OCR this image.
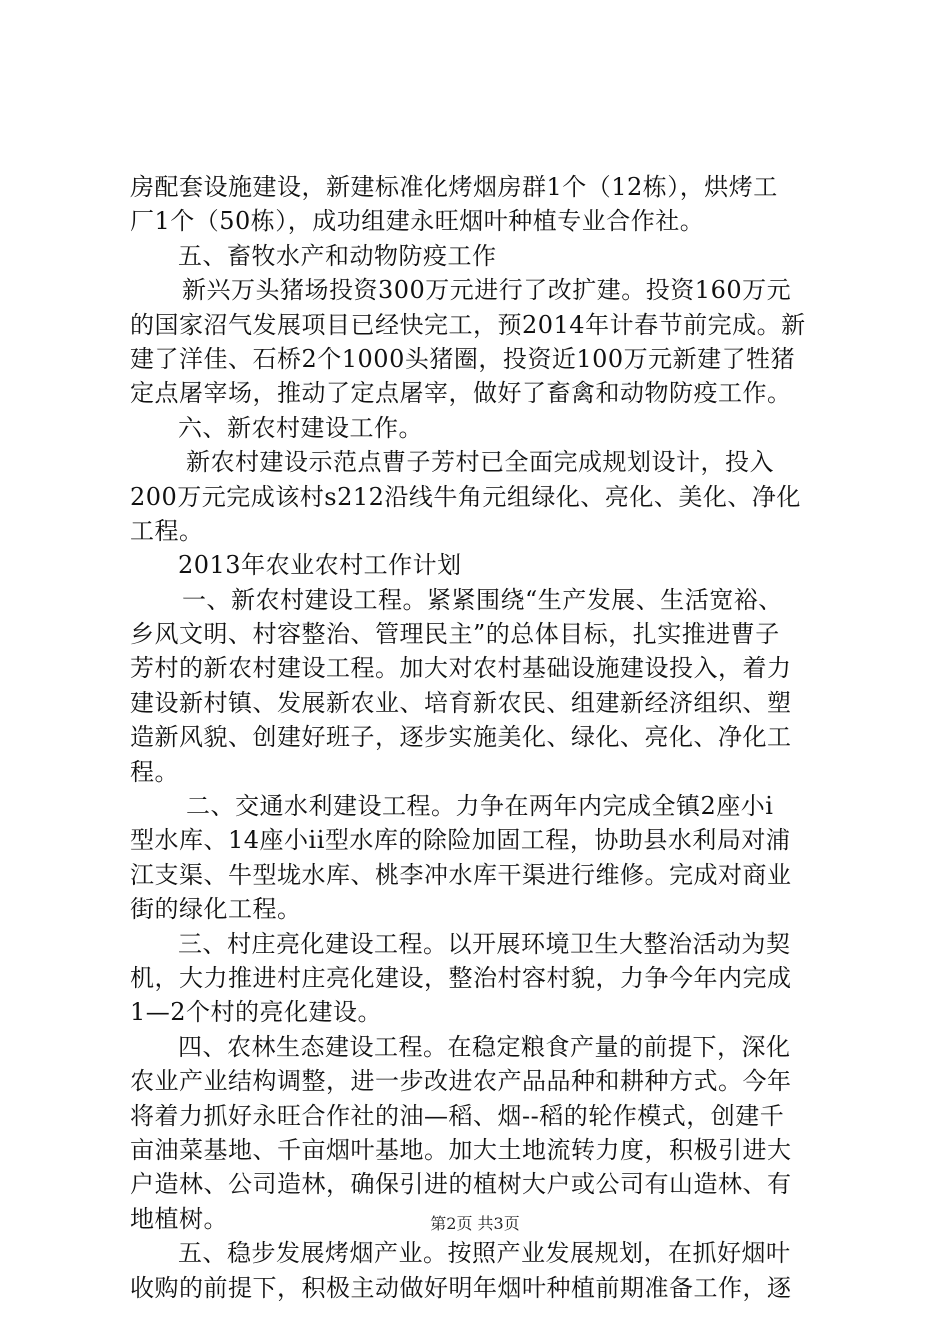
房配套设施建设，新建标准化烤烟房群1个（12栋），烘烤工
厂1个（50栋），成功组建永旺烟叶种植专业合作社。
五、畜牧水产和动物防疫工作
新兴万头猪场投资300万元进行了改扩建。投资160万元
的国家沼气发展项目已经快完工，预2014年计春节前完成。新
建了洋佳、石桥2个1000头猪圈，投资近100万元新建了牲猪
定点屠宰场，推动了定点屠宰，做好了畜禽和动物防疫工作。
六、新农村建设工作。
新农村建设示范点曹子芳村已全面完成规划设计，投入
200万元完成该村s212沿线牛角元组绿化、亮化、美化、净化
工程。
2013年农业农村工作计划
一、新农村建设工程。紧紧围绕“生产发展、生活宽裕、
乡风文明、村容整治、管理民主”的总体目标，扎实推进曹子
芳村的新农村建设工程。加大对农村基础设施建设投入，着力
建设新村镇、发展新农业、培育新农民、组建新经济组织、塑
造新风貌、创建好班子，逐步实施美化、绿化、亮化、净化工
程。
二、交通水利建设工程。力争在两年内完成全镇2座小i
型水库、14座小ii型水库的除险加固工程，协助县水利局对浦
江支渠、牛型垅水库、桃李冲水库干渠进行维修。完成对商业
街的绿化工程。
三、村庄亮化建设工程。以开展环境卫生大整治活动为契
机，大力推进村庄亮化建设，整治村容村貌，力争今年内完成
1—2个村的亮化建设。
四、农林生态建设工程。在稳定粮食产量的前提下，深化
农业产业结构调整，进一步改进农产品品种和耕种方式。今年
将着力抓好永旺合作社的油—稻、烟--稻的轮作模式，创建千
亩油菜基地、千亩烟叶基地。加大土地流转力度，积极引进大
户造林、公司造林，确保引进的植树大户或公司有山造林、有
地植树。
五、稳步发展烤烟产业。按照产业发展规划，在抓好烟叶
收购的前提下，积极主动做好明年烟叶种植前期准备工作，逐
第2页 共3页
